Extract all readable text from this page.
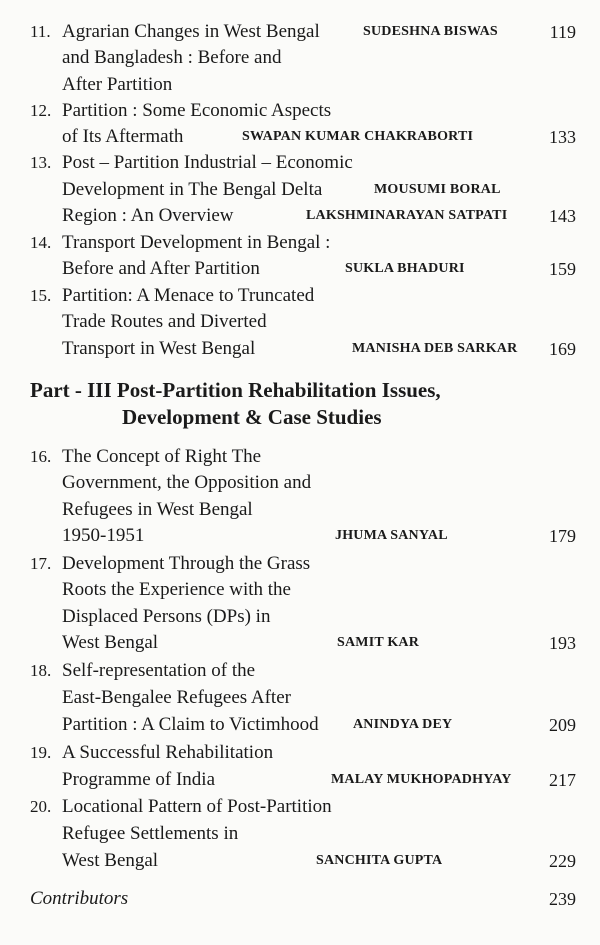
11. Agrarian Changes in West Bengal	SUDESHNA BISWAS	119
and Bangladesh : Before and
After Partition
12. Partition : Some Economic Aspects
of Its Aftermath	SWAPAN KUMAR CHAKRABORTI	133
13. Post – Partition Industrial – Economic
Development in The Bengal Delta	MOUSUMI BORAL
Region : An Overview	LAKSHMINARAYAN SATPATI 143
14. Transport Development in Bengal :
Before and After Partition	SUKLA BHADURI	159
15. Partition: A Menace to Truncated
Trade Routes and Diverted
Transport in West Bengal	MANISHA DEB SARKAR 169
Part - III Post-Partition Rehabilitation Issues,
Development & Case Studies
16. The Concept of Right The
Government, the Opposition and
Refugees in West Bengal
1950-1951	JHUMA SANYAL	179
17. Development Through the Grass
Roots the Experience with the
Displaced Persons (DPs) in
West Bengal	SAMIT KAR	193
18. Self-representation of the
East-Bengalee Refugees After
Partition : A Claim to Victimhood ANINDYA DEY	209
19. A Successful Rehabilitation
Programme of India	MALAY MUKHOPADHYAY 217
20. Locational Pattern of Post-Partition
Refugee Settlements in
West Bengal	SANCHITA GUPTA	229
Contributors	239
